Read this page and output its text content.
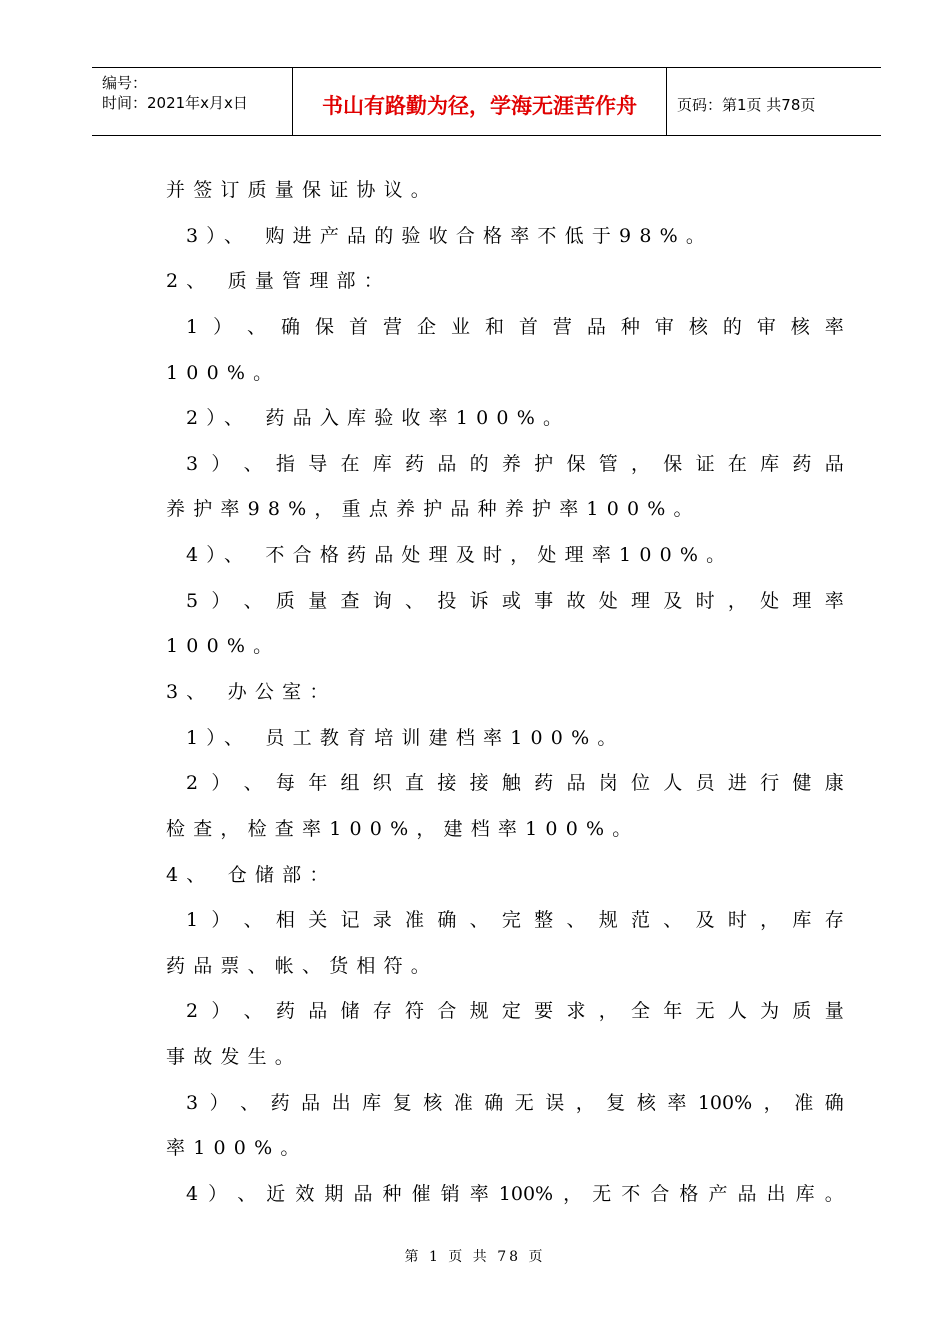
编号：
时间：2021年x月x日	书山有路勤为径，学海无涯苦作舟	页码：第1页 共78页
并签订质量保证协议。
3）、 购进产品的验收合格率不低于98%。
2、 质量管理部：
1 ） 、 确 保 首 营 企 业 和 首 营 品 种 审 核 的 审 核 率
100%。
2）、 药品入库验收率100%。
3 ） 、 指 导 在 库 药 品 的 养 护 保 管 ， 保 证 在 库 药 品
养护率98%，重点养护品种养护率100%。
4）、 不合格药品处理及时，处理率100%。
5 ） 、 质 量 查 询 、 投 诉 或 事 故 处 理 及 时 ， 处 理 率
100%。
3、 办公室：
1）、 员工教育培训建档率100%。
2 ） 、 每 年 组 织 直 接 接 触 药 品 岗 位 人 员 进 行 健 康
检查，检查率100%，建档率100%。
4、 仓储部：
1 ） 、 相 关 记 录 准 确 、 完 整 、 规 范 、 及 时 ， 库 存
药品票、帐、货相符。
2 ） 、 药 品 储 存 符 合 规 定 要 求 ， 全 年 无 人 为 质 量
事故发生。
3 ） 、 药 品 出 库 复 核 准 确 无 误 ， 复 核 率 100% ， 准 确
率100%。
4 ） 、 近 效 期 品 种 催 销 率 100% ， 无 不 合 格 产 品 出 库 。
第 1 页 共 78 页
